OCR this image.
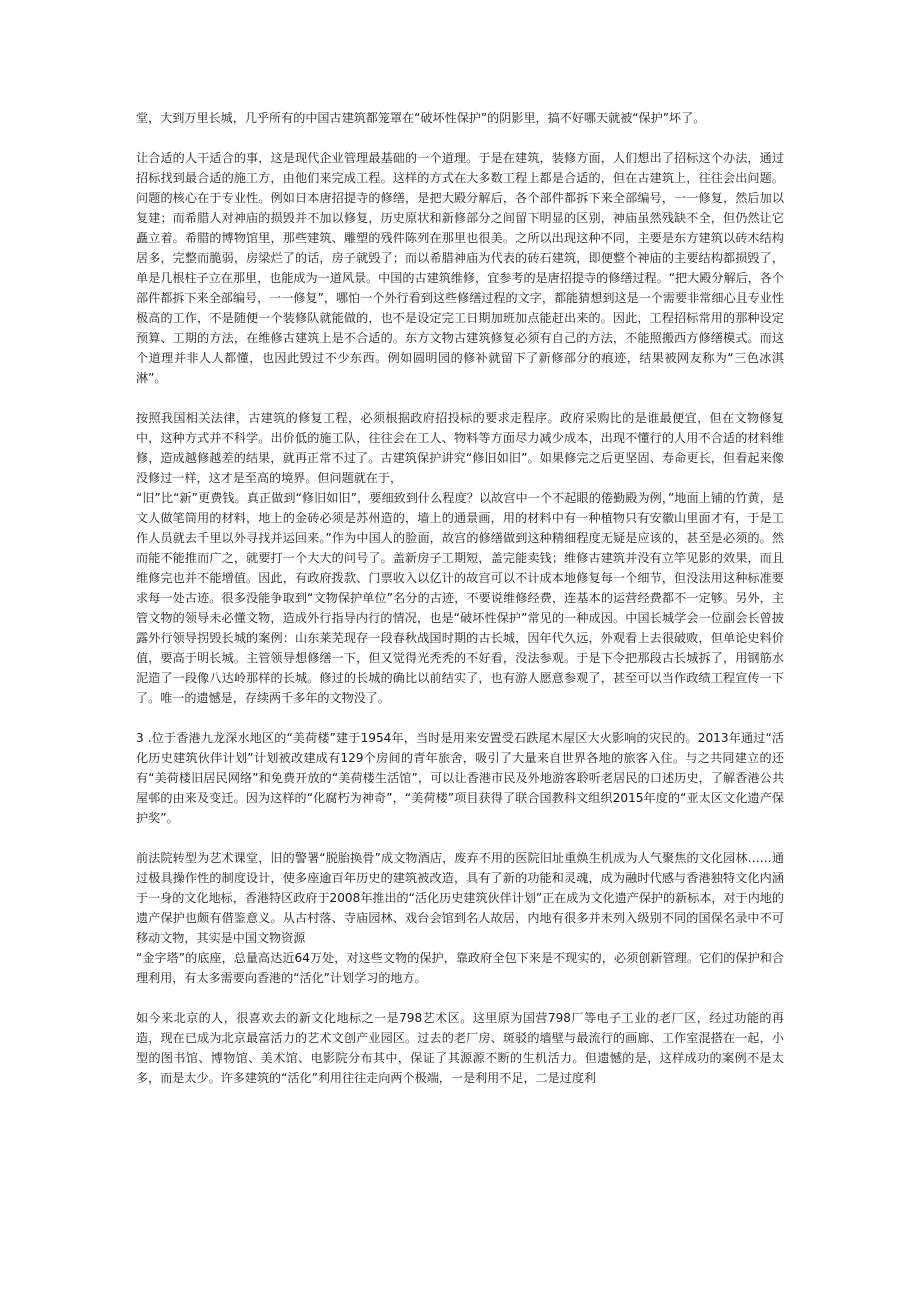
堂，大到万里长城，几乎所有的中国古建筑都笼罩在“破坏性保护”的阴影里，搞不好哪天就被“保护”坏了。

让合适的人干适合的事，这是现代企业管理最基础的一个道理。于是在建筑，装修方面，人们想出了招标这个办法，通过招标找到最合适的施工方，由他们来完成工程。这样的方式在大多数工程上都是合适的，但在古建筑上，往往会出问题。问题的核心在于专业性。例如日本唐招提寺的修缮，是把大殿分解后，各个部件都拆下来全部编号，一一修复，然后加以复建；而希腊人对神庙的损毁并不加以修复，历史原状和新修部分之间留下明显的区别，神庙虽然残缺不全，但仍然让它矗立着。希腊的博物馆里，那些建筑、雕塑的残件陈列在那里也很美。之所以出现这种不同，主要是东方建筑以砖木结构居多，完整而脆弱，房梁烂了的话，房子就毁了；而以希腊神庙为代表的砖石建筑，即便整个神庙的主要结构都损毁了，单是几根柱子立在那里，也能成为一道风景。中国的古建筑维修，宜参考的是唐招提寺的修缮过程。“把大殿分解后，各个部件都拆下来全部编号，一一修复”，哪怕一个外行看到这些修缮过程的文字，都能猜想到这是一个需要非常细心且专业性极高的工作，不是随便一个装修队就能做的，也不是设定完工日期加班加点能赶出来的。因此，工程招标常用的那种设定预算、工期的方法，在维修古建筑上是不合适的。东方文物古建筑修复必须有自己的方法，不能照搬西方修缮模式。而这个道理并非人人都懂，也因此毁过不少东西。例如圆明园的修补就留下了新修部分的痕迹，结果被网友称为“三色冰淇淋”。

按照我国相关法律，古建筑的修复工程，必须根据政府招投标的要求走程序。政府采购比的是谁最便宜，但在文物修复中，这种方式并不科学。出价低的施工队，往往会在工人、物料等方面尽力减少成本，出现不懂行的人用不合适的材料维修，造成越修越差的结果，就再正常不过了。古建筑保护讲究“修旧如旧”。如果修完之后更坚固、寿命更长，但看起来像没修过一样，这才是至高的境界。但问题就在于，
“旧”比“新”更费钱。真正做到“修旧如旧”，要细致到什么程度？以故宫中一个不起眼的倦勤殿为例，”地面上铺的竹黄，是文人做笔筒用的材料，地上的金砖必须是苏州造的，墙上的通景画，用的材料中有一种植物只有安徽山里面才有，于是工作人员就去千里以外寻找并运回来。”作为中国人的脸面，故宫的修缮做到这种精细程度无疑是应该的，甚至是必须的。然而能不能推而广之，就要打一个大大的问号了。盖新房子工期短，盖完能卖钱；维修古建筑并没有立竿见影的效果，而且维修完也并不能增值。因此，有政府拨款、门票收入以亿计的故宫可以不计成本地修复每一个细节，但没法用这种标准要求每一处古迹。很多没能争取到“文物保护单位”名分的古迹，不要说维修经费，连基本的运营经费都不一定够。另外，主管文物的领导未必懂文物，造成外行指导内行的情况，也是“破坏性保护”常见的一种成因。中国长城学会一位副会长曾披露外行领导拐毁长城的案例：山东莱芜现存一段春秋战国时期的古长城，因年代久远，外观看上去很破败，但单论史料价值，要高于明长城。主管领导想修缮一下，但又觉得光秃秃的不好看，没法参观。于是下令把那段古长城拆了，用钢筋水泥造了一段像八达岭那样的长城。修过的长城的确比以前结实了，也有游人愿意参观了，甚至可以当作政绩工程宣传一下了。唯一的遗憾是，存续两千多年的文物没了。

3 .位于香港九龙深水地区的“美荷楼”建于1954年，当时是用来安置受石跌尾木屋区大火影响的灾民的。2013年通过“活化历史建筑伙伴计划”计划被改建成有129个房间的青年旅舍，吸引了大量来自世界各地的旅客入住。与之共同建立的还有“美荷楼旧居民网络”和免费开放的“美荷楼生活馆”，可以让香港市民及外地游客聆听老居民的口述历史，了解香港公共屋邨的由来及变迁。因为这样的“化腐朽为神奇”，“美荷楼”项目获得了联合国教科文组织2015年度的“亚太区文化遗产保护奖”。

前法院转型为艺术课堂，旧的警署“脱胎换骨”成文物酒店，废弃不用的医院旧址重焕生机成为人气聚焦的文化园林……通过极具操作性的制度设计，使多座逾百年历史的建筑被改造，具有了新的功能和灵魂，成为融时代感与香港独特文化内涵于一身的文化地标，香港特区政府于2008年推出的“活化历史建筑伙伴计划”正在成为文化遗产保护的新标本，对于内地的遗产保护也颇有借鉴意义。从古村落、寺庙园林、戏台会馆到名人故居，内地有很多并未列入级别不同的国保名录中不可移动文物，其实是中国文物资源
“金字塔”的底座，总量高达近64万处，对这些文物的保护，靠政府全包下来是不现实的，必须创新管理。它们的保护和合理利用，有太多需要向香港的“活化”计划学习的地方。

如今来北京的人，很喜欢去的新文化地标之一是798艺术区。这里原为国营798厂等电子工业的老厂区，经过功能的再造，现在已成为北京最富活力的艺术文创产业园区。过去的老厂房、斑驳的墙壁与最流行的画廊、工作室混搭在一起，小型的图书馆、博物馆、美术馆、电影院分布其中，保证了其源源不断的生机活力。但遗憾的是，这样成功的案例不是太多，而是太少。许多建筑的“活化”利用往往走向两个极端，一是利用不足，二是过度利
